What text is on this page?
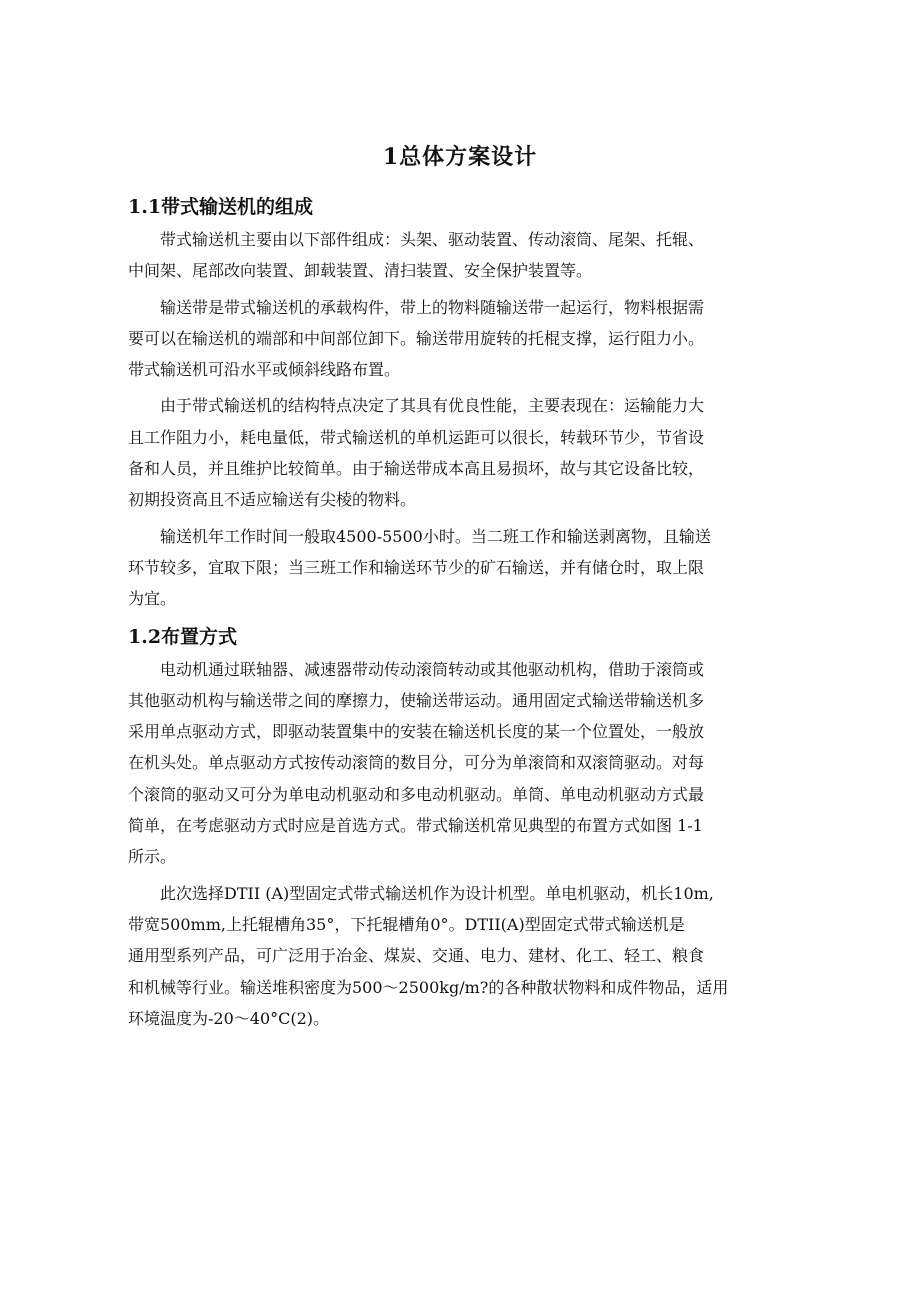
1总体方案设计
1.1带式输送机的组成

带式输送机主要由以下部件组成：头架、驱动装置、传动滚筒、尾架、托辊、
中间架、尾部改向装置、卸载装置、清扫装置、安全保护装置等。

输送带是带式输送机的承载构件，带上的物料随输送带一起运行，物料根据需
要可以在输送机的端部和中间部位卸下。输送带用旋转的托棍支撑，运行阻力小。
带式输送机可沿水平或倾斜线路布置。

由于带式输送机的结构特点决定了其具有优良性能，主要表现在：运输能力大
且工作阻力小，耗电量低，带式输送机的单机运距可以很长，转载环节少，节省设
备和人员，并且维护比较简单。由于输送带成本高且易损坏，故与其它设备比较，
初期投资高且不适应输送有尖棱的物料。

输送机年工作时间一般取4500-5500小时。当二班工作和输送剥离物，且输送
环节较多，宜取下限；当三班工作和输送环节少的矿石输送，并有储仓时，取上限
为宜。

1.2布置方式

电动机通过联轴器、减速器带动传动滚筒转动或其他驱动机构，借助于滚筒或
其他驱动机构与输送带之间的摩擦力，使输送带运动。通用固定式输送带输送机多
采用单点驱动方式，即驱动装置集中的安装在输送机长度的某一个位置处，一般放
在机头处。单点驱动方式按传动滚筒的数目分，可分为单滚筒和双滚筒驱动。对每
个滚筒的驱动又可分为单电动机驱动和多电动机驱动。单筒、单电动机驱动方式最
简单，在考虑驱动方式时应是首选方式。带式输送机常见典型的布置方式如图 1-1
所示。

此次选择DTII (A)型固定式带式输送机作为设计机型。单电机驱动，机长10m,
带宽500mm,上托辊槽角35°，下托辊槽角0°。DTII(A)型固定式带式输送机是
通用型系列产品，可广泛用于冶金、煤炭、交通、电力、建材、化工、轻工、粮食
和机械等行业。输送堆积密度为500～2500kg/m?的各种散状物料和成件物品，适用
环境温度为-20～40°C(2)。
